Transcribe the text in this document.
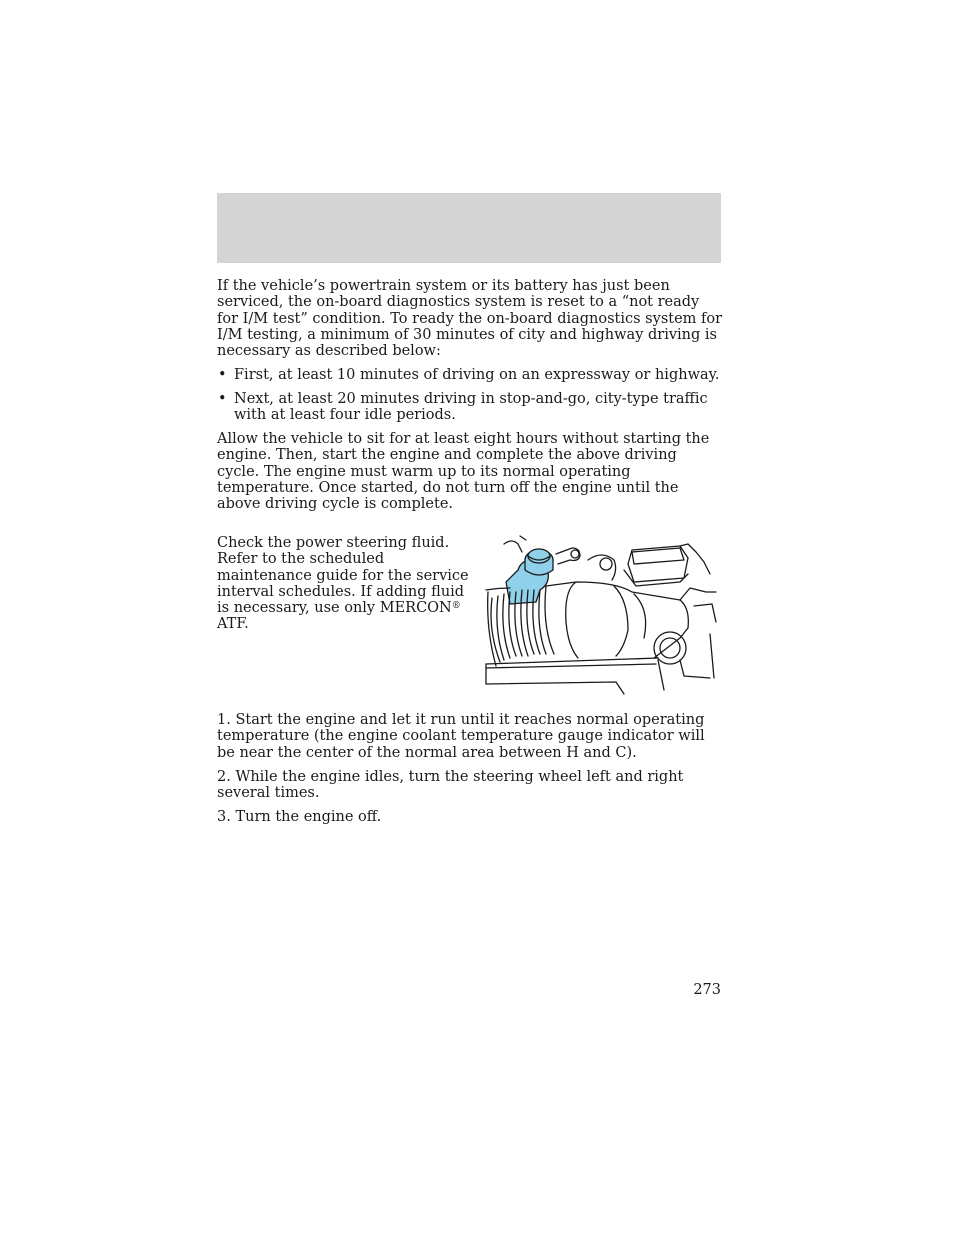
If the vehicle’s powertrain system or its battery has just been serviced, the on-board diagnostics system is reset to a “not ready for I/M test” condition. To ready the on-board diagnostics system for I/M testing, a minimum of 30 minutes of city and highway driving is necessary as described below:

• First, at least 10 minutes of driving on an expressway or highway.
• Next, at least 20 minutes driving in stop-and-go, city-type traffic with at least four idle periods.

Allow the vehicle to sit for at least eight hours without starting the engine. Then, start the engine and complete the above driving cycle. The engine must warm up to its normal operating temperature. Once started, do not turn off the engine until the above driving cycle is complete.

Check the power steering fluid. Refer to the scheduled maintenance guide for the service interval schedules. If adding fluid is necessary, use only MERCON® ATF.

1. Start the engine and let it run until it reaches normal operating temperature (the engine coolant temperature gauge indicator will be near the center of the normal area between H and C).

2. While the engine idles, turn the steering wheel left and right several times.

3. Turn the engine off.

273
